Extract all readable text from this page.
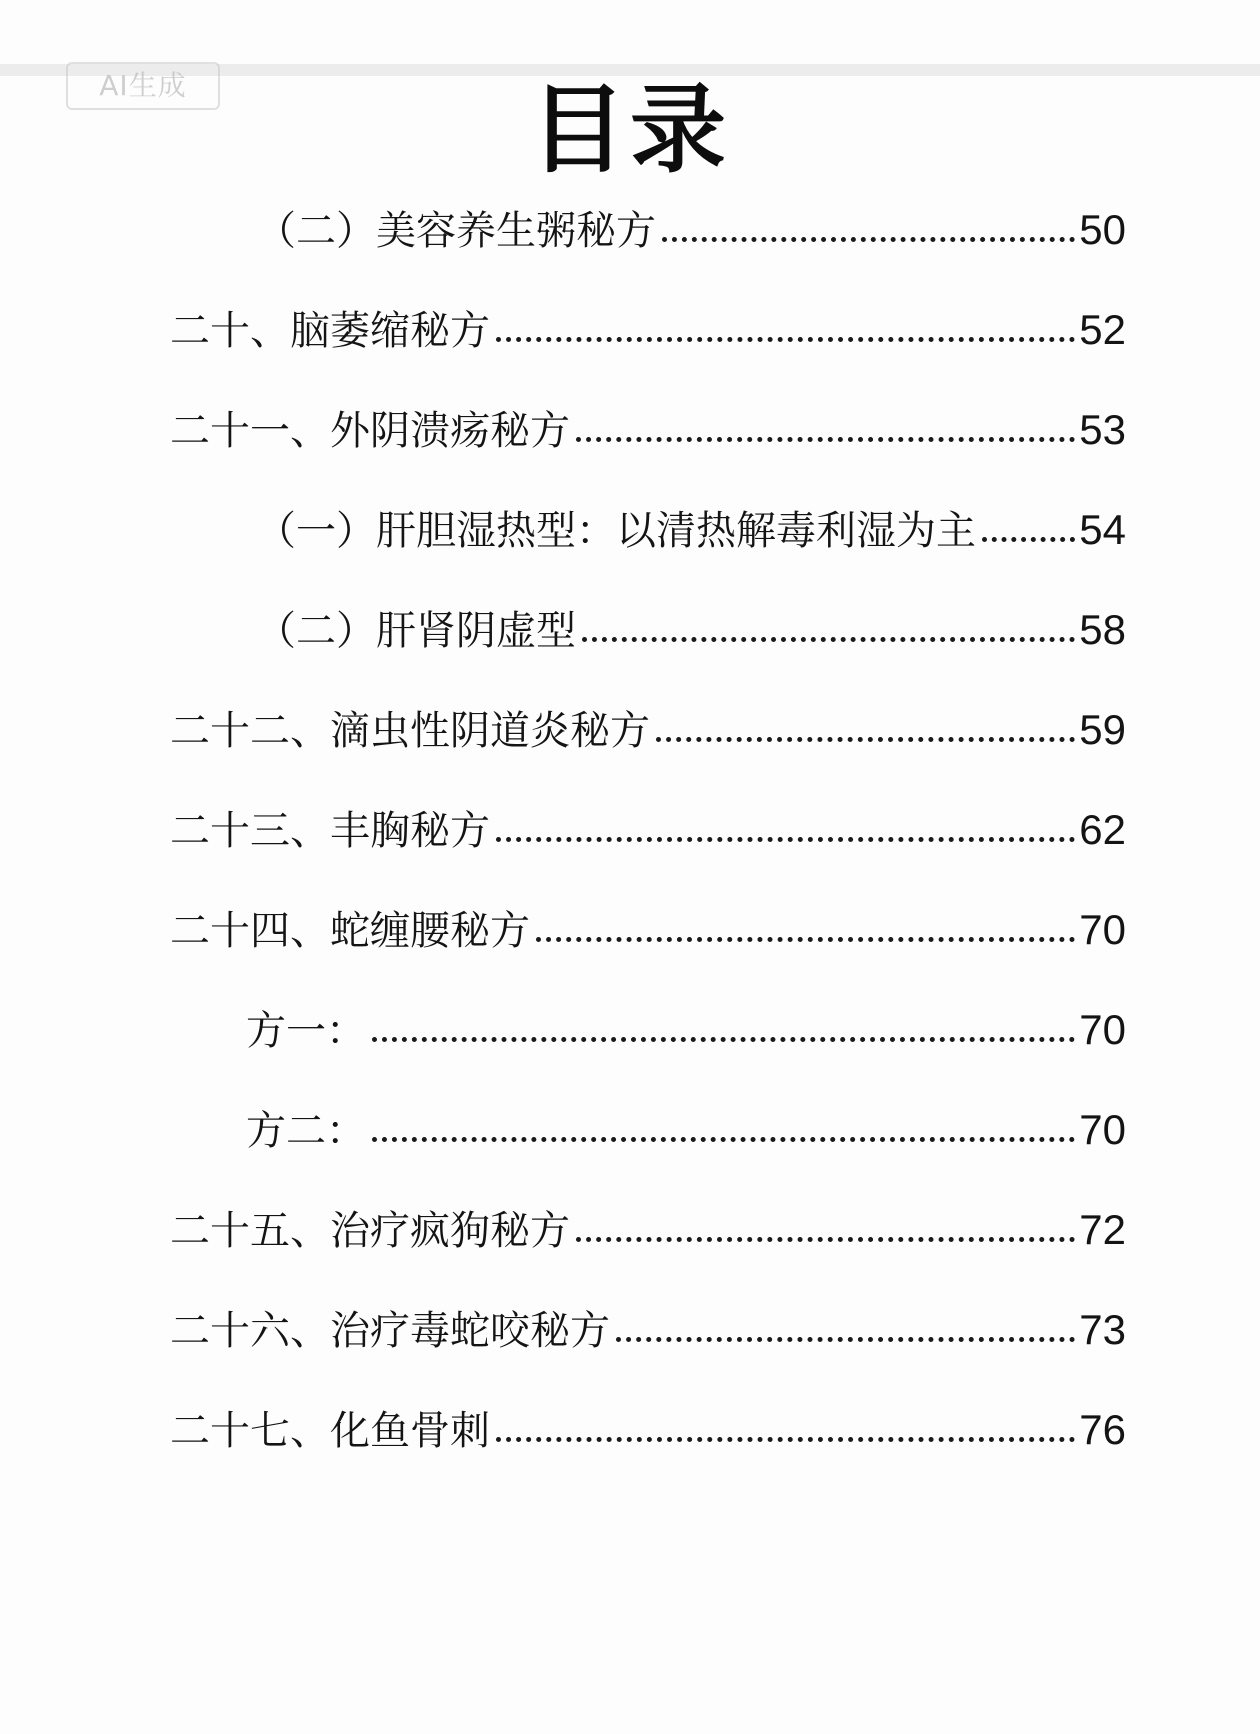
AI生成	目录
（二）美容养生粥秘方	50
二十、脑萎缩秘方	52
二十一、外阴溃疡秘方	53
（一）肝胆湿热型：以清热解毒利湿为主 54
（二）肝肾阴虚型	58
二十二、滴虫性阴道炎秘方	59
二十三、丰胸秘方	62
二十四、蛇缠腰秘方	70
方一：	70
方二：	70
二十五、治疗疯狗秘方	72
二十六、治疗毒蛇咬秘方	73
二十七、化鱼骨刺	76
